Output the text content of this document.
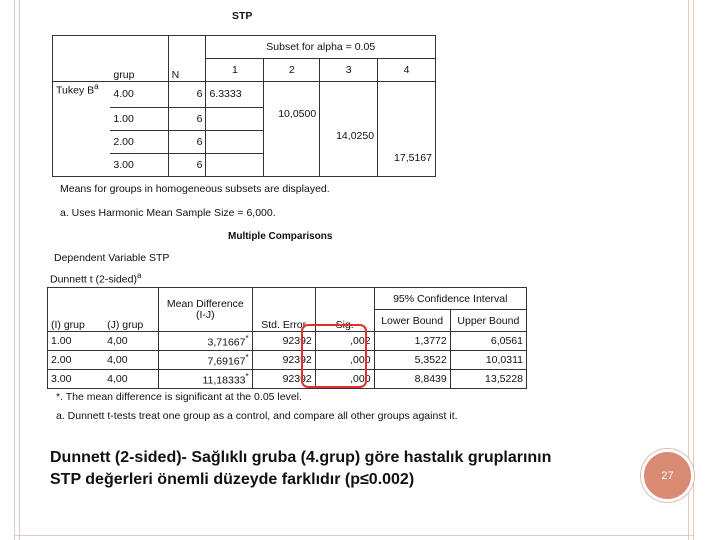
STP
	grup	N	Subset for alpha = 0.05			
			1	2	3	4
Tukey $B^a$	4.00	6	6.3333	10,0500	14,0250	17,5167
	1.00	6				
	2.00	6				
	3.00	6				
Means for groups in homogeneous subsets are displayed.
a. Uses Harmonic Mean Sample Size = 6,000.
Multiple Comparisons
Dependent Variable STP
Dunnett t (2-sided)$^a$
(I) grup	(J) grup	Mean Difference (I-J)	Std. Error	Sig.	95% Confidence Interval	
					Lower Bound	Upper Bound
1.00	4,00	3,71667*	92392	,002	1,3772	6,0561
2.00	4,00	7,69167*	92392	,000	5,3522	10,0311
3.00	4,00	11,18333*	92392	,000	8,8439	13,5228
*. The mean difference is significant at the 0.05 level.
a. Dunnett t-tests treat one group as a control, and compare all other groups against it.
Dunnett (2-sided)- Sağlıklı gruba (4.grup) göre hastalık gruplarının
STP değerleri önemli düzeyde farklıdır (p≤0.002)	27
